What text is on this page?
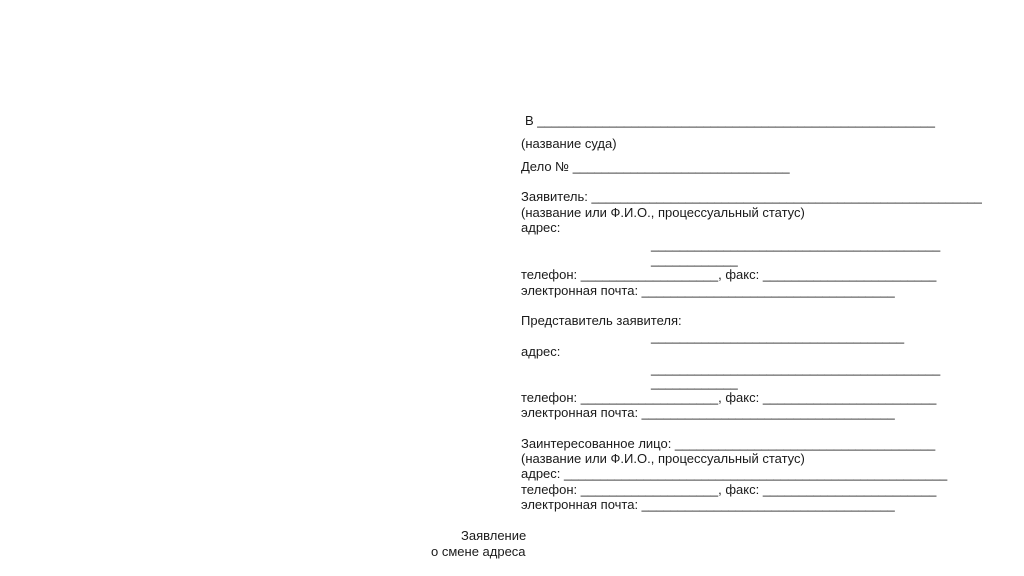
В _______________________________________________________
(название суда)
Дело № ______________________________
Заявитель: ______________________________________________________
(название или Ф.И.О., процессуальный статус)
адрес:
________________________________________
____________
телефон: ___________________, факс: ________________________
электронная почта: ___________________________________
Представитель заявителя:
___________________________________
адрес:
________________________________________
____________
телефон: ___________________, факс: ________________________
электронная почта: ___________________________________
Заинтересованное лицо: ____________________________________
(название или Ф.И.О., процессуальный статус)
адрес: _____________________________________________________
телефон: ___________________, факс: ________________________
электронная почта: ___________________________________
Заявление
о смене адреса
